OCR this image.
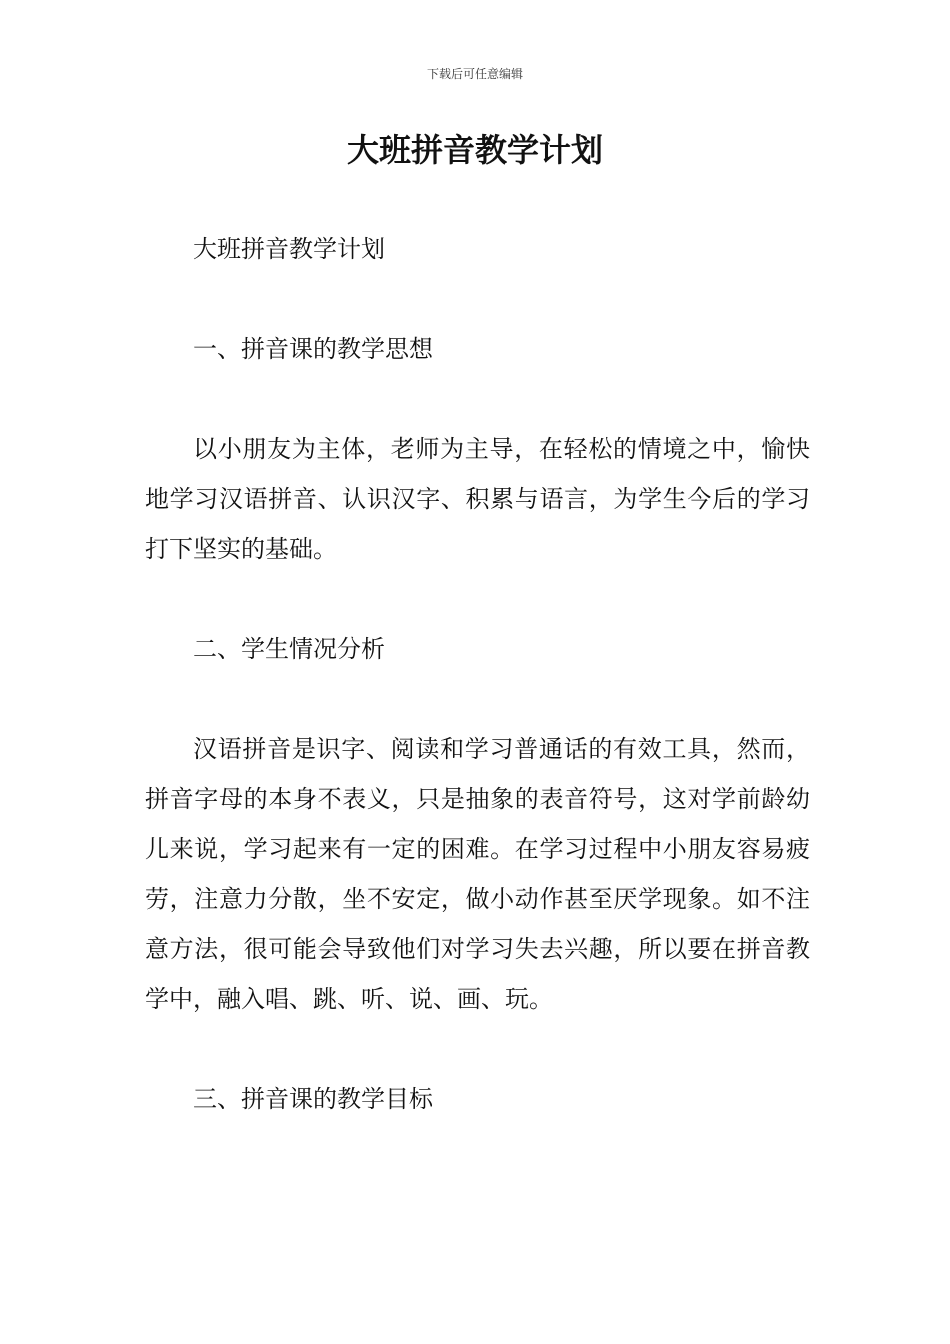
下载后可任意编辑
大班拼音教学计划

大班拼音教学计划

一、拼音课的教学思想

以小朋友为主体，老师为主导，在轻松的情境之中，愉快地学习汉语拼音、认识汉字、积累与语言，为学生今后的学习打下坚实的基础。

二、学生情况分析

汉语拼音是识字、阅读和学习普通话的有效工具，然而，拼音字母的本身不表义，只是抽象的表音符号，这对学前龄幼儿来说，学习起来有一定的困难。在学习过程中小朋友容易疲劳，注意力分散，坐不安定，做小动作甚至厌学现象。如不注意方法，很可能会导致他们对学习失去兴趣，所以要在拼音教学中，融入唱、跳、听、说、画、玩。

三、拼音课的教学目标
